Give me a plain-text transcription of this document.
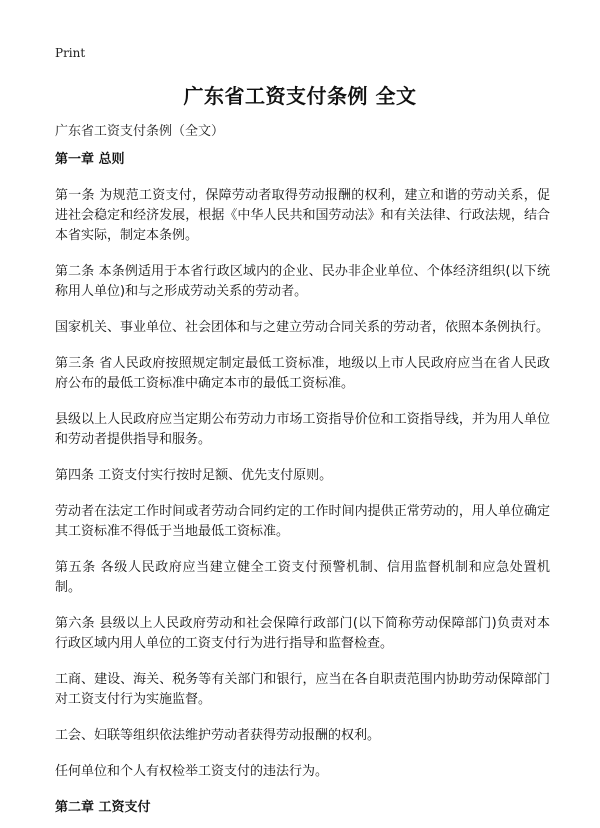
Print
广东省工资支付条例 全文
广东省工资支付条例（全文）
第一章 总则

第一条 为规范工资支付，保障劳动者取得劳动报酬的权利，建立和谐的劳动关系，促进社会稳定和经济发展，根据《中华人民共和国劳动法》和有关法律、行政法规，结合本省实际，制定本条例。

第二条 本条例适用于本省行政区域内的企业、民办非企业单位、个体经济组织(以下统称用人单位)和与之形成劳动关系的劳动者。

国家机关、事业单位、社会团体和与之建立劳动合同关系的劳动者，依照本条例执行。

第三条 省人民政府按照规定制定最低工资标准，地级以上市人民政府应当在省人民政府公布的最低工资标准中确定本市的最低工资标准。

县级以上人民政府应当定期公布劳动力市场工资指导价位和工资指导线，并为用人单位和劳动者提供指导和服务。

第四条 工资支付实行按时足额、优先支付原则。

劳动者在法定工作时间或者劳动合同约定的工作时间内提供正常劳动的，用人单位确定其工资标准不得低于当地最低工资标准。

第五条 各级人民政府应当建立健全工资支付预警机制、信用监督机制和应急处置机制。

第六条 县级以上人民政府劳动和社会保障行政部门(以下简称劳动保障部门)负责对本行政区域内用人单位的工资支付行为进行指导和监督检查。

工商、建设、海关、税务等有关部门和银行，应当在各自职责范围内协助劳动保障部门对工资支付行为实施监督。

工会、妇联等组织依法维护劳动者获得劳动报酬的权利。

任何单位和个人有权检举工资支付的违法行为。

第二章 工资支付
